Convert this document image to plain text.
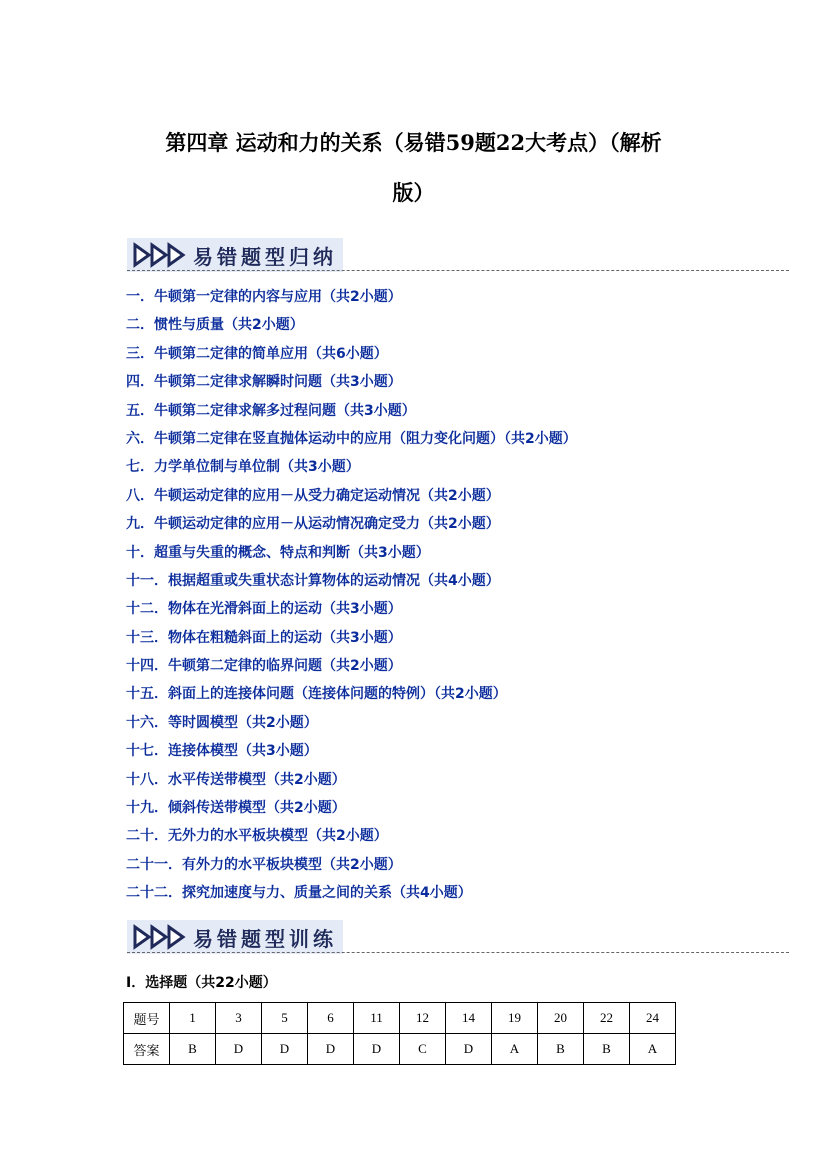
第四章 运动和力的关系（易错59题22大考点）（解析
版）
易错题型归纳
一．牛顿第一定律的内容与应用（共2小题）
二．惯性与质量（共2小题）
三．牛顿第二定律的简单应用（共6小题）
四．牛顿第二定律求解瞬时问题（共3小题）
五．牛顿第二定律求解多过程问题（共3小题）
六．牛顿第二定律在竖直抛体运动中的应用（阻力变化问题）（共2小题）
七．力学单位制与单位制（共3小题）
八．牛顿运动定律的应用－从受力确定运动情况（共2小题）
九．牛顿运动定律的应用－从运动情况确定受力（共2小题）
十．超重与失重的概念、特点和判断（共3小题）
十一．根据超重或失重状态计算物体的运动情况（共4小题）
十二．物体在光滑斜面上的运动（共3小题）
十三．物体在粗糙斜面上的运动（共3小题）
十四．牛顿第二定律的临界问题（共2小题）
十五．斜面上的连接体问题（连接体问题的特例）（共2小题）
十六．等时圆模型（共2小题）
十七．连接体模型（共3小题）
十八．水平传送带模型（共2小题）
十九．倾斜传送带模型（共2小题）
二十．无外力的水平板块模型（共2小题）
二十一．有外力的水平板块模型（共2小题）
二十二．探究加速度与力、质量之间的关系（共4小题）
易错题型训练
Ⅰ．选择题（共22小题）
题号	1	3	5	6	11	12	14	19	20	22	24
答案	B	D	D	D	D	C	D	A	B	B	A
